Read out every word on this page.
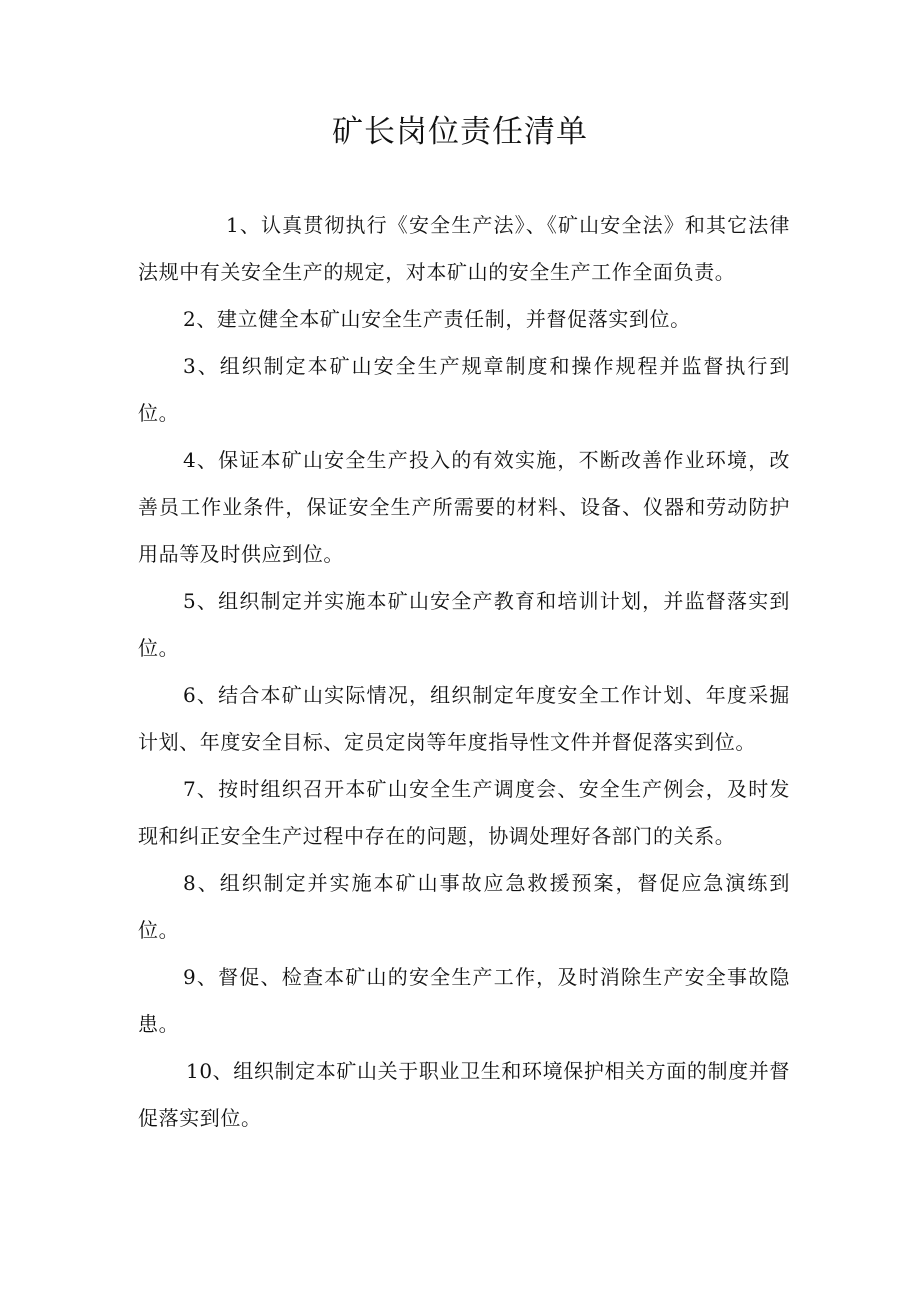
矿长岗位责任清单

1、认真贯彻执行《安全生产法》、《矿山安全法》和其它法律法规中有关安全生产的规定，对本矿山的安全生产工作全面负责。

2、建立健全本矿山安全生产责任制，并督促落实到位。

3、组织制定本矿山安全生产规章制度和操作规程并监督执行到位。

4、保证本矿山安全生产投入的有效实施，不断改善作业环境，改善员工作业条件，保证安全生产所需要的材料、设备、仪器和劳动防护用品等及时供应到位。

5、组织制定并实施本矿山安全产教育和培训计划，并监督落实到位。

6、结合本矿山实际情况，组织制定年度安全工作计划、年度采掘计划、年度安全目标、定员定岗等年度指导性文件并督促落实到位。

7、按时组织召开本矿山安全生产调度会、安全生产例会，及时发现和纠正安全生产过程中存在的问题，协调处理好各部门的关系。

8、组织制定并实施本矿山事故应急救援预案，督促应急演练到位。

9、督促、检查本矿山的安全生产工作，及时消除生产安全事故隐患。

10、组织制定本矿山关于职业卫生和环境保护相关方面的制度并督促落实到位。
